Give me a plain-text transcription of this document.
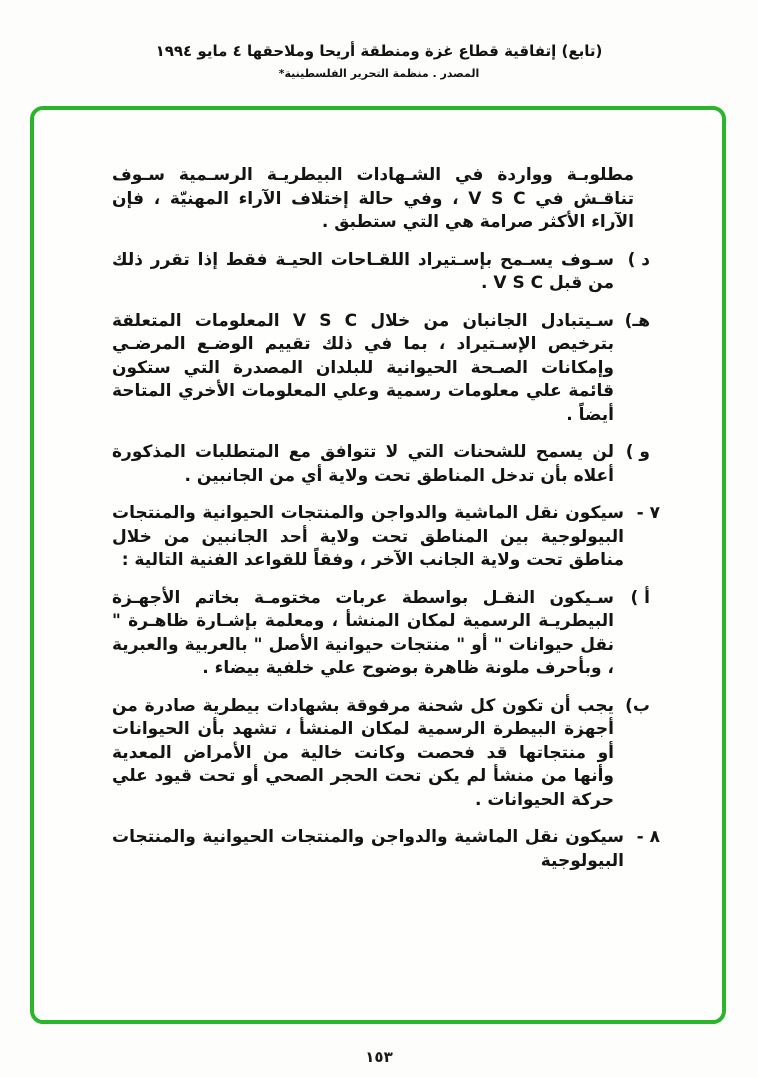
(تابع) إتفاقية قطاع غزة ومنطقة أريحا وملاحقها ٤ مايو ١٩٩٤
المصدر . منظمة التحرير الفلسطينية*
مطلوبـة وواردة في الشـهادات البيطريـة الرسـمية سـوف تناقـش في V S C ، وفي حالة إختلاف الآراء المهنيّة ، فإن الآراء الأكثر صرامة هي التي ستطبق .
د )
سـوف يسـمح بإسـتيراد اللقـاحات الحيـة فقط إذا تقرر ذلك من قبل V S C .
هـ)
سـيتبادل الجانبان من خلال V S C المعلومات المتعلقة بترخيص الإسـتيراد ، بما في ذلك تقييم الوضـع المرضـي وإمكانات الصـحة الحيوانية للبلدان المصدرة التي ستكون قائمة علي معلومات رسمية وعلي المعلومات الأخري المتاحة أيضاً .
و )
لن يسمح للشحنات التي لا تتوافق مع المتطلبات المذكورة أعلاه بأن تدخل المناطق تحت ولاية أي من الجانبين .
٧ -
سيكون نقل الماشية والدواجن والمنتجات الحيوانية والمنتجات البيولوجية بين المناطق تحت ولاية أحد الجانبين من خلال مناطق تحت ولاية الجانب الآخر ، وفقاً للقواعد الفنية التالية :
أ )
سـيكون النقـل بواسطة عربات مختومـة بخاتم الأجهـزة البيطريـة الرسمية لمكان المنشأ ، ومعلمة بإشـارة ظاهـرة " نقل حيوانات " أو " منتجات حيوانية الأصل " بالعربية والعبرية ، وبأحرف ملونة ظاهرة بوضوح علي خلفية بيضاء .
ب)
يجب أن تكون كل شحنة مرفوقة بشهادات بيطرية صادرة من أجهزة البيطرة الرسمية لمكان المنشأ ، تشهد بأن الحيوانات أو منتجاتها قد فحصت وكانت خالية من الأمراض المعدية وأنها من منشأ لم يكن تحت الحجر الصحي أو تحت قيود علي حركة الحيوانات .
٨ -
سيكون نقل الماشية والدواجن والمنتجات الحيوانية والمنتجات البيولوجية
١٥٣
